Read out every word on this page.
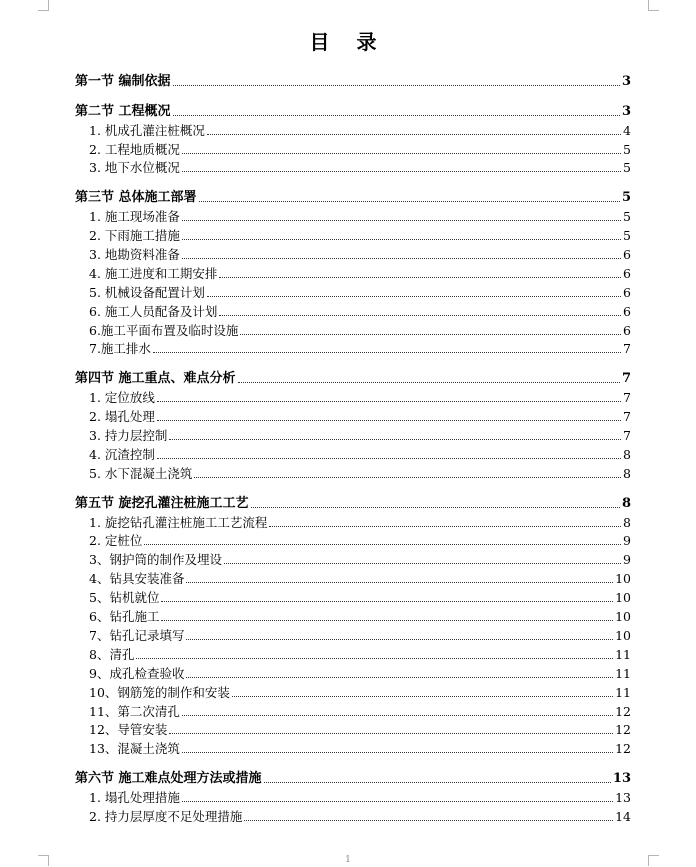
目 录
第一节 编制依据	3
第二节 工程概况	3
1. 机成孔灌注桩概况	4
2. 工程地质概况	5
3. 地下水位概况	5
第三节 总体施工部署	5
1. 施工现场准备	5
2. 下雨施工措施	5
3. 地勘资料准备	6
4. 施工进度和工期安排	6
5. 机械设备配置计划	6
6. 施工人员配备及计划	6
6.施工平面布置及临时设施	6
7.施工排水	7
第四节 施工重点、难点分析	7
1. 定位放线	7
2. 塌孔处理	7
3. 持力层控制	7
4. 沉渣控制	8
5. 水下混凝土浇筑	8
第五节 旋挖孔灌注桩施工工艺	8
1. 旋挖钻孔灌注桩施工工艺流程	8
2. 定桩位	9
3、钢护筒的制作及埋设	9
4、钻具安装准备	10
5、钻机就位	10
6、钻孔施工	10
7、钻孔记录填写	10
8、清孔	11
9、成孔检查验收	11
10、钢筋笼的制作和安装	11
11、第二次清孔	12
12、导管安装	12
13、混凝土浇筑	12
第六节 施工难点处理方法或措施	13
1. 塌孔处理措施	13
2. 持力层厚度不足处理措施	14
1
